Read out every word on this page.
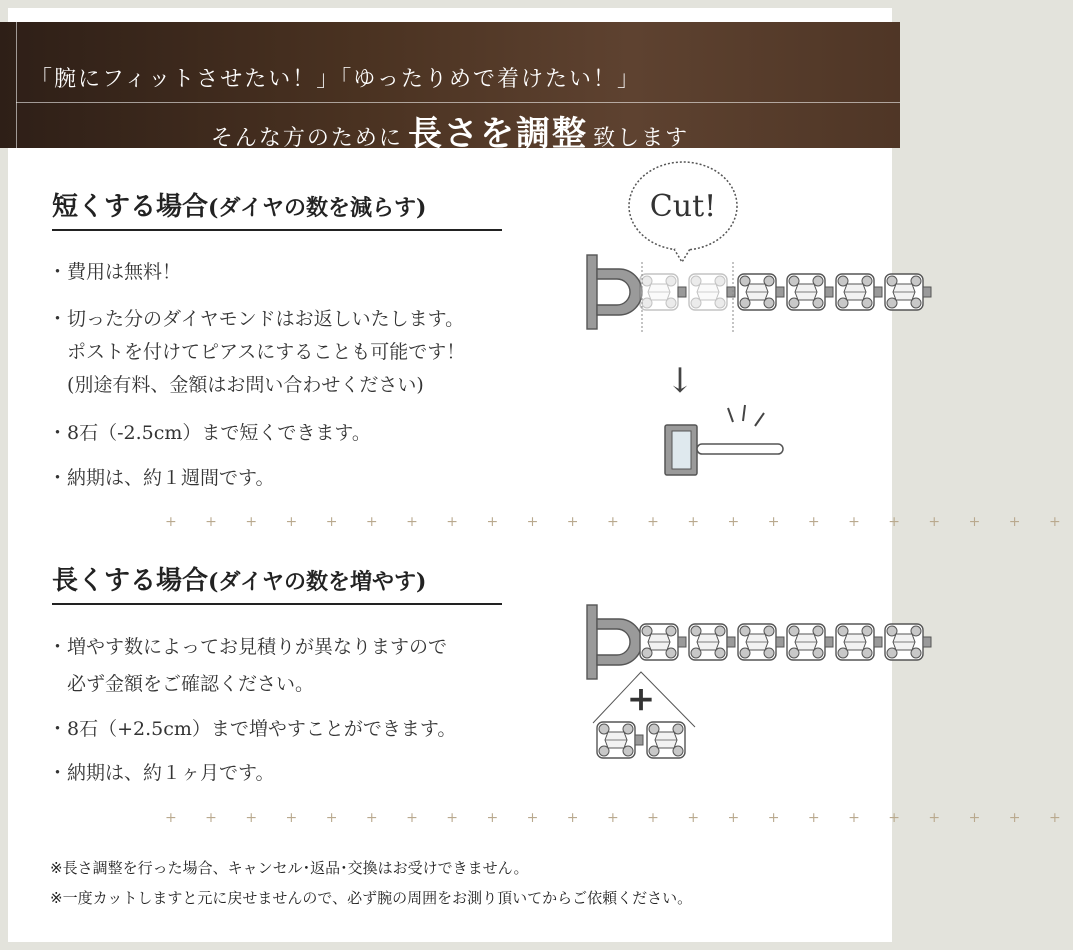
「腕にフィットさせたい！」「ゆったりめで着けたい！」
そんな方のために 長さを調整 致します
短くする場合(ダイヤの数を減らす)
・費用は無料！
・切った分のダイヤモンドはお返しいたします。
　ポストを付けてピアスにすることも可能です！
　(別途有料、金額はお問い合わせください)
・8石（-2.5cm）まで短くできます。
・納期は、約１週間です。
+ + + + + + + + + + + + + + + + + + + + + + +
長くする場合(ダイヤの数を増やす)
・増やす数によってお見積りが異なりますので
　必ず金額をご確認ください。
・8石（+2.5cm）まで増やすことができます。
・納期は、約１ヶ月です。
+ + + + + + + + + + + + + + + + + + + + + + +
※長さ調整を行った場合、キャンセル･返品･交換はお受けできません。
※一度カットしますと元に戻せませんので、必ず腕の周囲をお測り頂いてからご依頼ください。
Cut!
↓
+
